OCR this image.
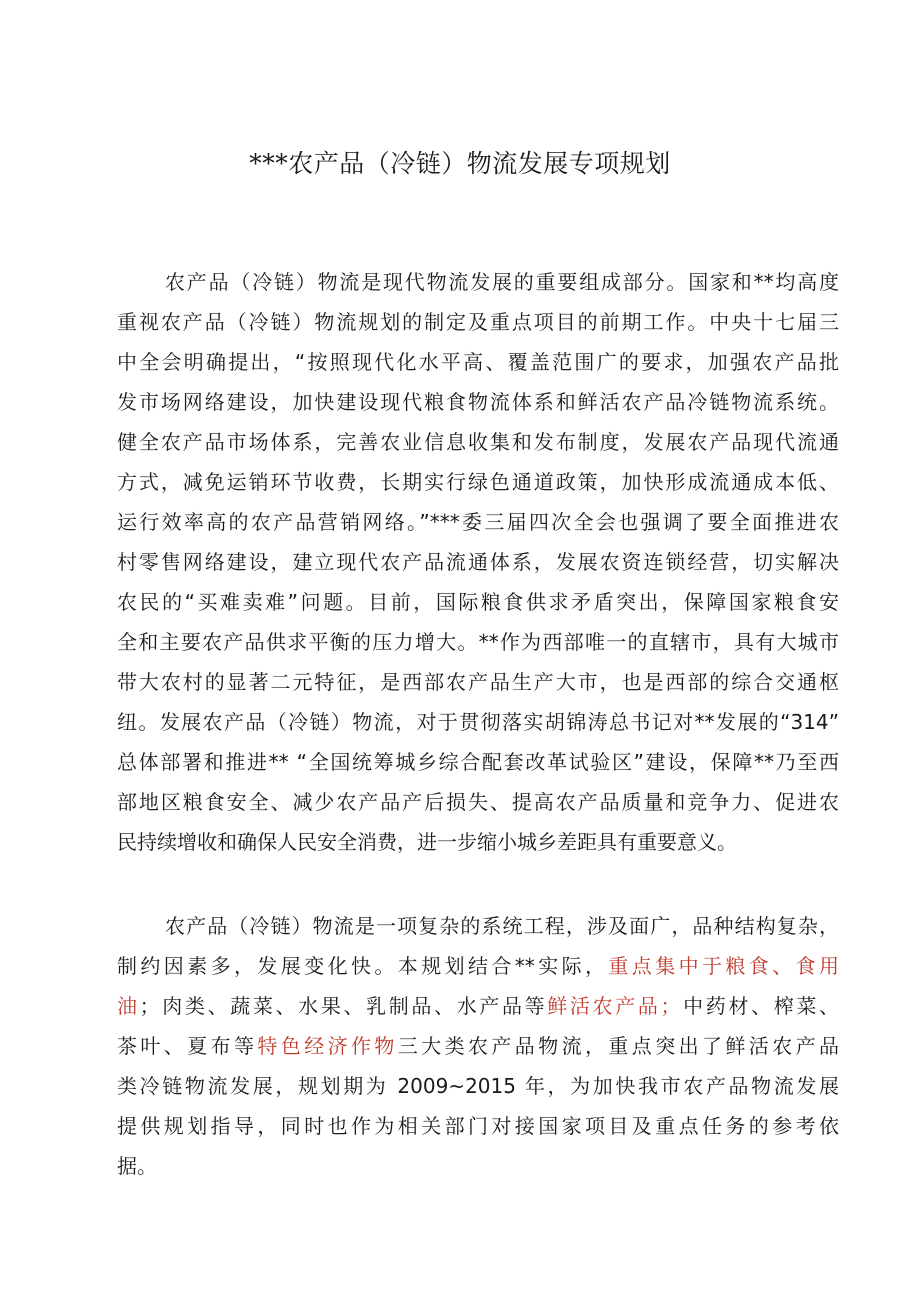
***农产品（冷链）物流发展专项规划
农产品（冷链）物流是现代物流发展的重要组成部分。国家和**均高度
重视农产品（冷链）物流规划的制定及重点项目的前期工作。中央十七届三
中全会明确提出，“按照现代化水平高、覆盖范围广的要求，加强农产品批
发市场网络建设，加快建设现代粮食物流体系和鲜活农产品冷链物流系统。
健全农产品市场体系，完善农业信息收集和发布制度，发展农产品现代流通
方式，减免运销环节收费，长期实行绿色通道政策，加快形成流通成本低、
运行效率高的农产品营销网络。”***委三届四次全会也强调了要全面推进农
村零售网络建设，建立现代农产品流通体系，发展农资连锁经营，切实解决
农民的“买难卖难”问题。目前，国际粮食供求矛盾突出，保障国家粮食安
全和主要农产品供求平衡的压力增大。**作为西部唯一的直辖市，具有大城市
带大农村的显著二元特征，是西部农产品生产大市，也是西部的综合交通枢
纽。发展农产品（冷链）物流，对于贯彻落实胡锦涛总书记对**发展的“314”
总体部署和推进** “全国统筹城乡综合配套改革试验区”建设，保障**乃至西
部地区粮食安全、减少农产品产后损失、提高农产品质量和竞争力、促进农
民持续增收和确保人民安全消费，进一步缩小城乡差距具有重要意义。
农产品（冷链）物流是一项复杂的系统工程，涉及面广，品种结构复杂，
制约因素多，发展变化快。本规划结合**实际，重点集中于粮食、食用
油；肉类、蔬菜、水果、乳制品、水产品等鲜活农产品；中药材、榨菜、
茶叶、夏布等特色经济作物三大类农产品物流，重点突出了鲜活农产品
类冷链物流发展，规划期为 2009~2015 年，为加快我市农产品物流发展
提供规划指导，同时也作为相关部门对接国家项目及重点任务的参考依
据。
